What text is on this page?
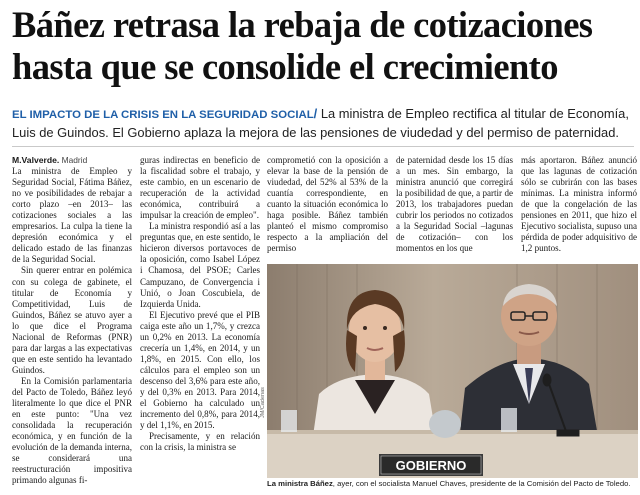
Báñez retrasa la rebaja de cotizaciones
hasta que se consolide el crecimiento
EL IMPACTO DE LA CRISIS EN LA SEGURIDAD SOCIAL/ La ministra de Empleo rectifica al titular de Economía, Luis de Guindos. El Gobierno aplaza la mejora de las pensiones de viudedad y del permiso de paternidad.

M.Valverde. Madrid

La ministra de Empleo y Seguridad Social, Fátima Báñez, no ve posibilidades de rebajar a corto plazo –en 2013– las cotizaciones sociales a las empresarios. La culpa la tiene la depresión económica y el delicado estado de las finanzas de la Seguridad Social.

Sin querer entrar en polémica con su colega de gabinete, el titular de Economía y Competitividad, Luis de Guindos, Báñez se atuvo ayer a lo que dice el Programa Nacional de Reformas (PNR) para dar largas a las expectativas que en este sentido ha levantado Guindos.

En la Comisión parlamentaria del Pacto de Toledo, Báñez leyó literalmente lo que dice el PNR en este punto: "Una vez consolidada la recuperación económica, y en función de la evolución de la demanda interna, se considerará una reestructuración impositiva primando algunas fi-

guras indirectas en beneficio de la fiscalidad sobre el trabajo, y este cambio, en un escenario de recuperación de la actividad económica, contribuirá a impulsar la creación de empleo".

La ministra respondió así a las preguntas que, en este sentido, le hicieron diversos portavoces de la oposición, como Isabel López i Chamosa, del PSOE; Carles Campuzano, de Convergencia i Unió, o Joan Coscubiela, de Izquierda Unida.

El Ejecutivo prevé que el PIB caiga este año un 1,7%, y crezca un 0,2% en 2013. La economía crecería un 1,4%, en 2014, y un 1,8%, en 2015. Con ello, los cálculos para el empleo son un descenso del 3,6% para este año, y del 0,3% en 2013. Para 2014, el Gobierno ha calculado un incremento del 0,8%, para 2014, y del 1,1%, en 2015.

Precisamente, y en relación con la crisis, la ministra se

comprometió con la oposición a elevar la base de la pensión de viudedad, del 52% al 53% de la cuantía correspondiente, en cuanto la situación económica lo haga posible. Báñez también planteó el mismo compromiso respecto a la ampliación del permiso

de paternidad desde los 15 días a un mes. Sin embargo, la ministra anunció que corregirá la posibilidad de que, a partir de 2013, los trabajadores puedan cubrir los periodos no cotizados a la Seguridad Social –lagunas de cotización– con los momentos en los que

más aportaron. Báñez anunció que las lagunas de cotización sólo se cubrirán con las bases mínimas. La ministra informó de que la congelación de las pensiones en 2011, que hizo el Ejecutivo socialista, supuso una pérdida de poder adquisitivo de 1,2 puntos.

GOBIERNO
JM/Cadenas
La ministra Báñez, ayer, con el socialista Manuel Chaves, presidente de la Comisión del Pacto de Toledo.
